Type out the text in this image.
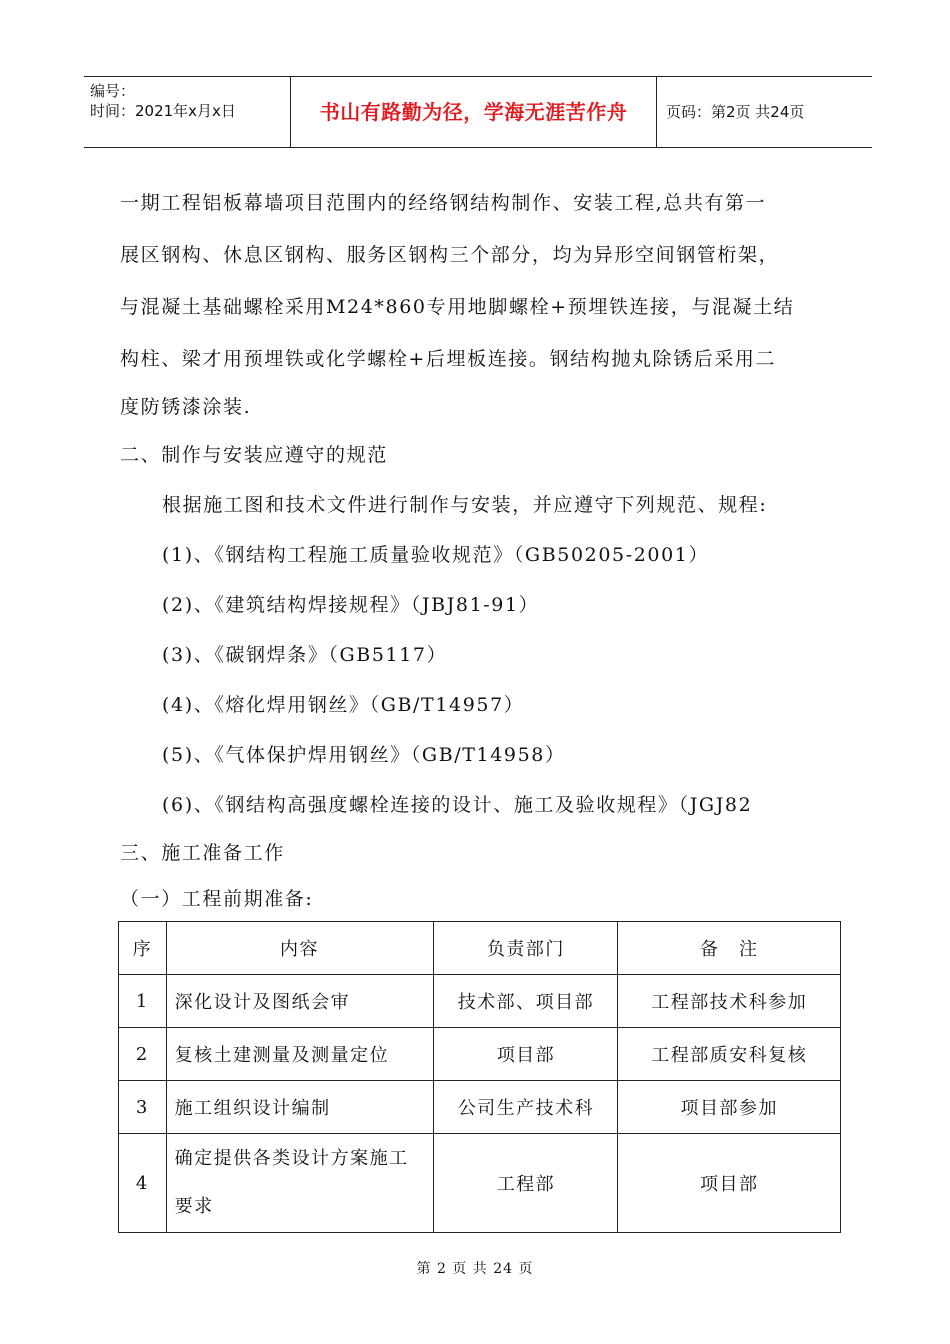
编号：
时间：2021年x月x日	书山有路勤为径，学海无涯苦作舟	页码：第2页 共24页
一期工程铝板幕墙项目范围内的经络钢结构制作、安装工程,总共有第一
展区钢构、休息区钢构、服务区钢构三个部分，均为异形空间钢管桁架，
与混凝土基础螺栓采用M24*860专用地脚螺栓+预埋铁连接，与混凝土结
构柱、梁才用预埋铁或化学螺栓+后埋板连接。钢结构抛丸除锈后采用二
度防锈漆涂装.
二、制作与安装应遵守的规范
根据施工图和技术文件进行制作与安装，并应遵守下列规范、规程:
(1)、《钢结构工程施工质量验收规范》（GB50205-2001）
(2)、《建筑结构焊接规程》（JBJ81-91）
(3)、《碳钢焊条》（GB5117）
(4)、《熔化焊用钢丝》（GB/T14957）
(5)、《气体保护焊用钢丝》（GB/T14958）
(6)、《钢结构高强度螺栓连接的设计、施工及验收规程》（JGJ82
三、施工准备工作
（一）工程前期准备:
序	内容	负责部门	备　注
1	深化设计及图纸会审	技术部、项目部	工程部技术科参加
2	复核土建测量及测量定位	项目部	工程部质安科复核
3	施工组织设计编制	公司生产技术科	项目部参加
4	确定提供各类设计方案施工要求	工程部	项目部
第 2 页 共 24 页
